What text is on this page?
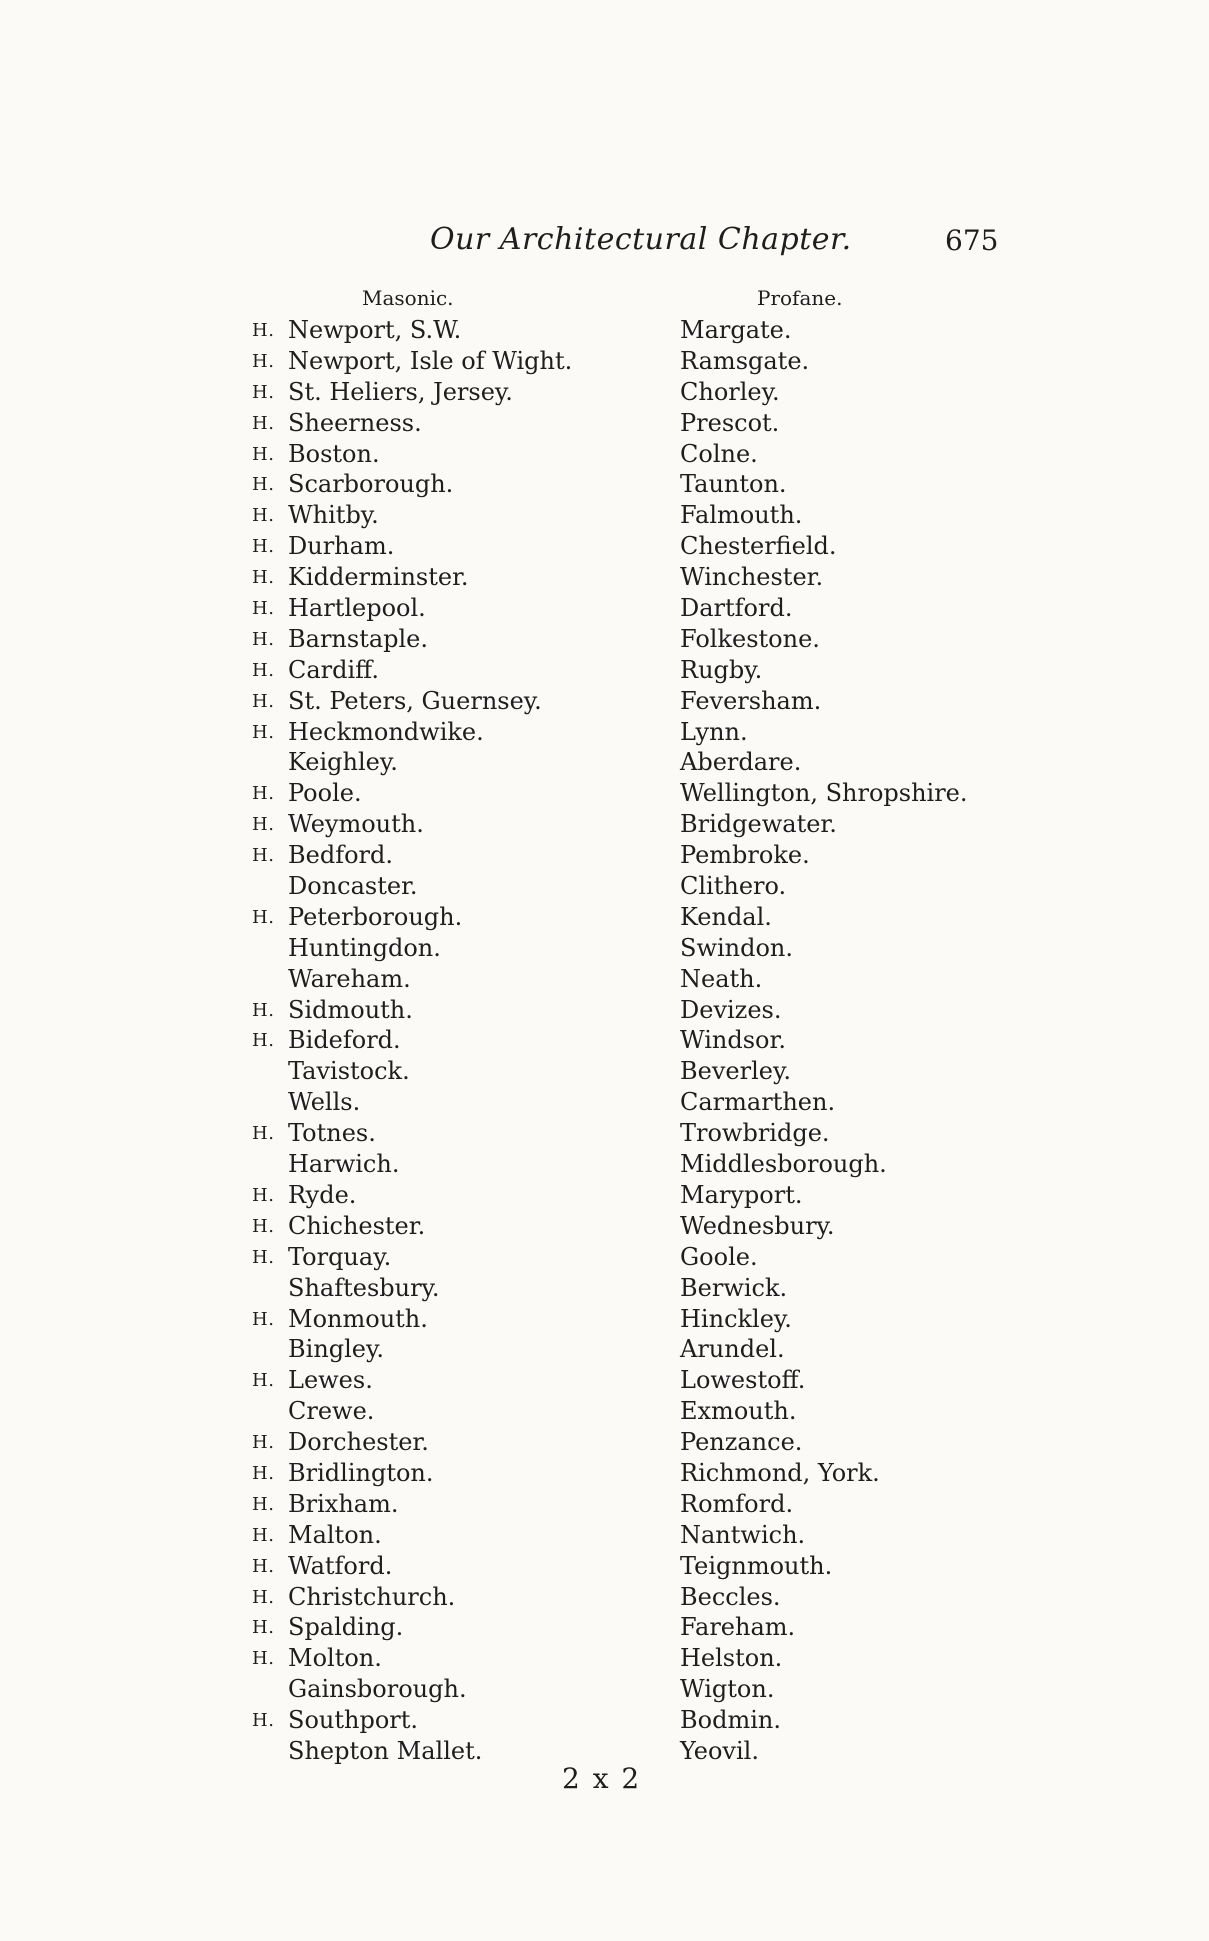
Our Architectural Chapter.	675
Masonic.	Profane.
H. Newport, S.W.	Margate.
H. Newport, Isle of Wight.	Ramsgate.
H. St. Heliers, Jersey.	Chorley.
H. Sheerness.	Prescot.
H. Boston.	Colne.
H. Scarborough.	Taunton.
H. Whitby.	Falmouth.
H. Durham.	Chesterfield.
H. Kidderminster.	Winchester.
H. Hartlepool.	Dartford.
H. Barnstaple.	Folkestone.
H. Cardiff.	Rugby.
H. St. Peters, Guernsey.	Feversham.
H. Heckmondwike.	Lynn.
Keighley.	Aberdare.
H. Poole.	Wellington, Shropshire.
H. Weymouth.	Bridgewater.
H. Bedford.	Pembroke.
Doncaster.	Clithero.
H. Peterborough.	Kendal.
Huntingdon.	Swindon.
Wareham.	Neath.
H. Sidmouth.	Devizes.
H. Bideford.	Windsor.
Tavistock.	Beverley.
Wells.	Carmarthen.
H. Totnes.	Trowbridge.
Harwich.	Middlesborough.
H. Ryde.	Maryport.
H. Chichester.	Wednesbury.
H. Torquay.	Goole.
Shaftesbury.	Berwick.
H. Monmouth.	Hinckley.
Bingley.	Arundel.
H. Lewes.	Lowestoff.
Crewe.	Exmouth.
H. Dorchester.	Penzance.
H. Bridlington.	Richmond, York.
H. Brixham.	Romford.
H. Malton.	Nantwich.
H. Watford.	Teignmouth.
H. Christchurch.	Beccles.
H. Spalding.	Fareham.
H. Molton.	Helston.
Gainsborough.	Wigton.
H. Southport.	Bodmin.
Shepton Mallet.	Yeovil.
2 x 2
